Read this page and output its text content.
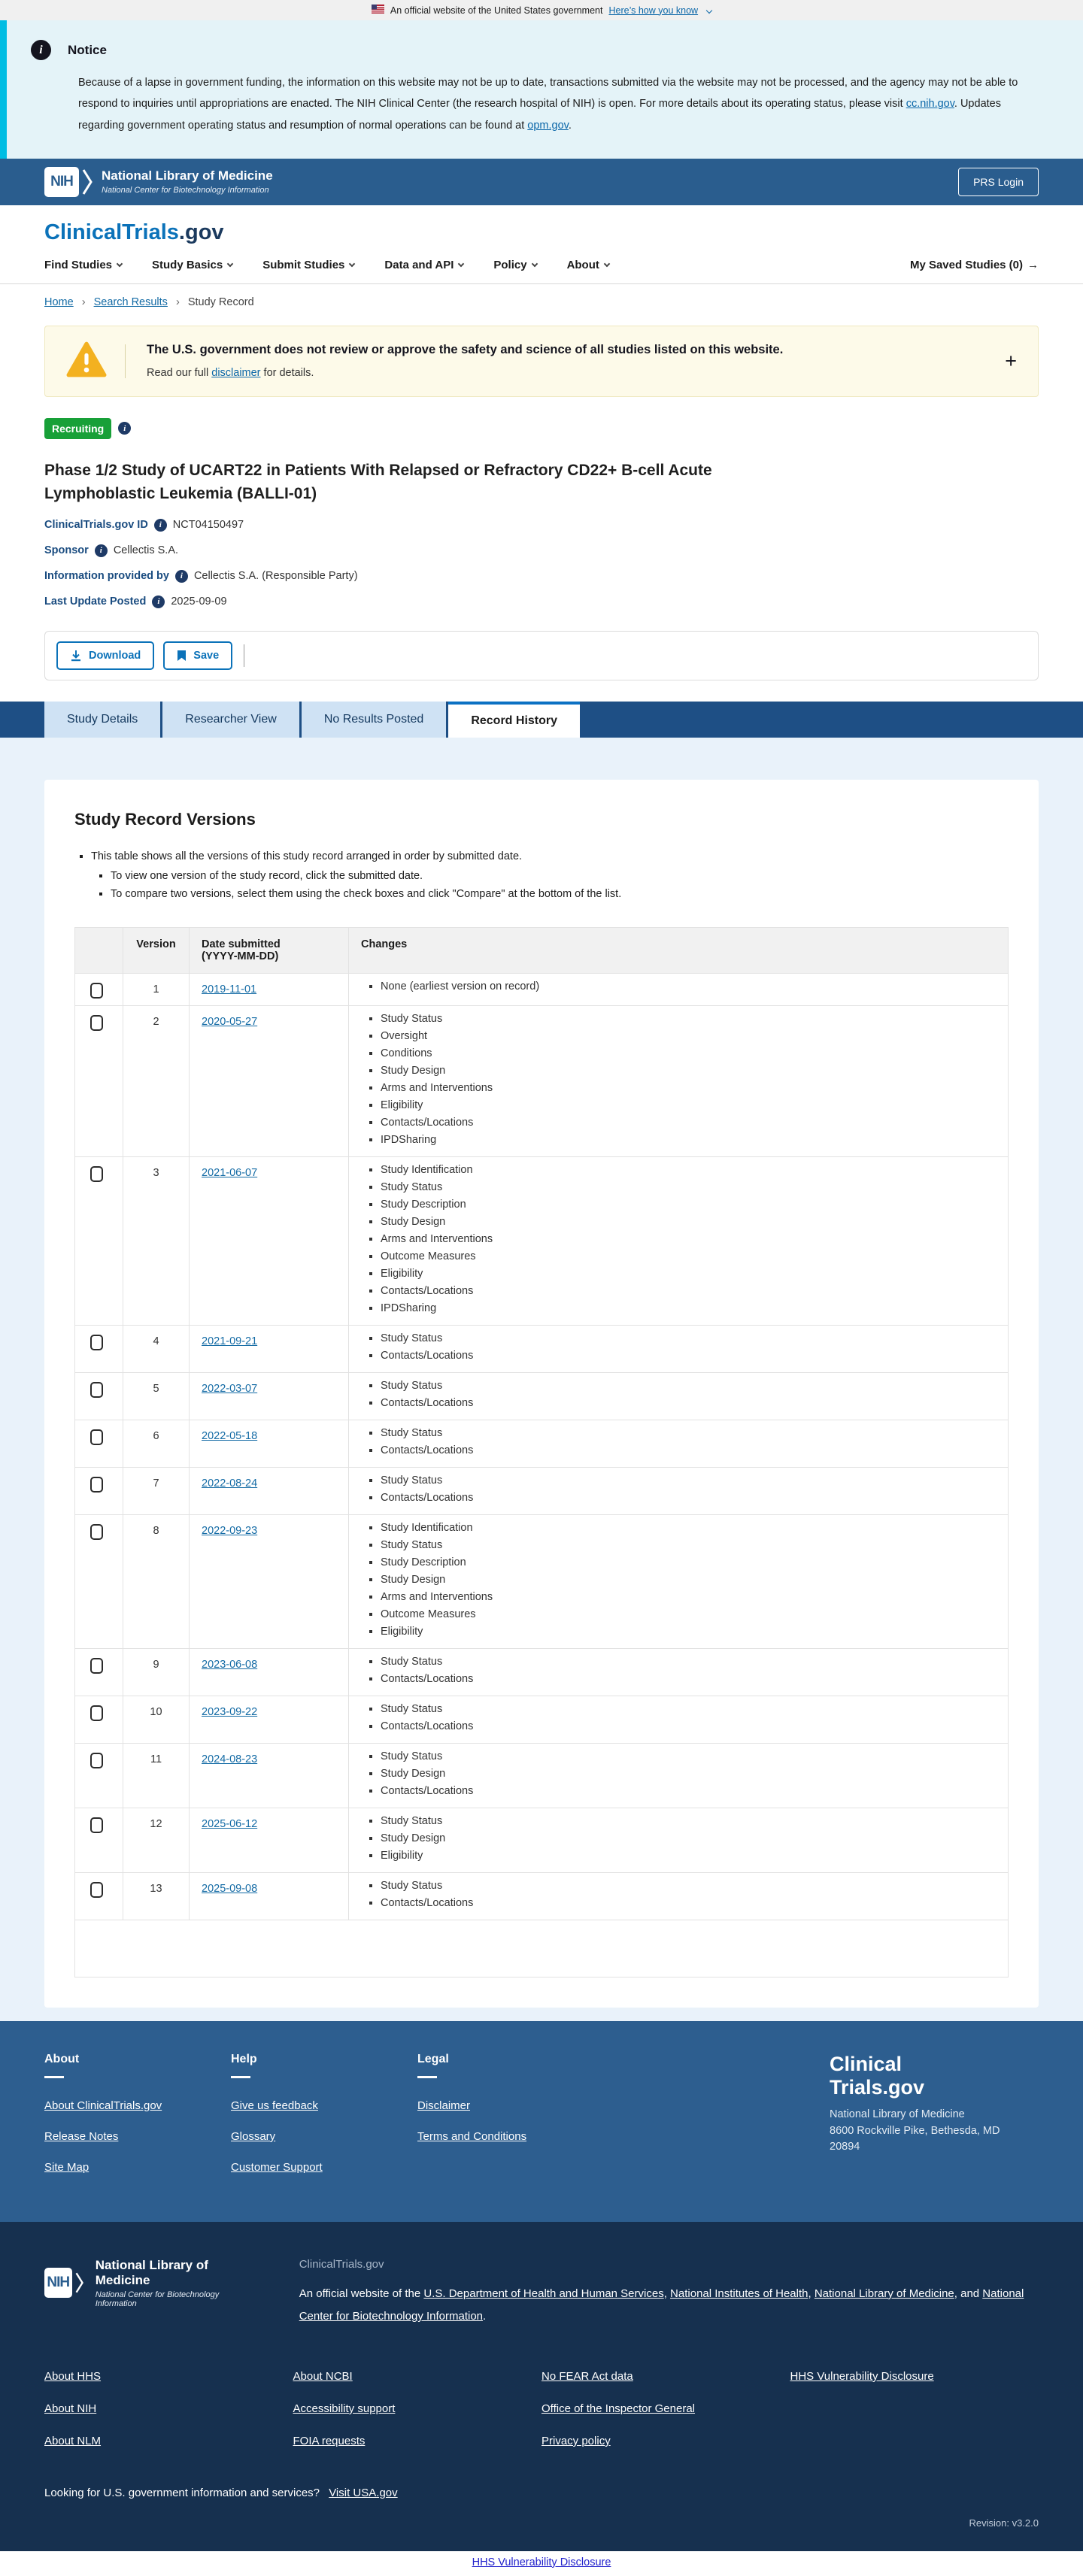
An official website of the United States government Here’s how you know
i	Notice
Because of a lapse in government funding, the information on this website may not be up to date, transactions submitted via the website may not be processed, and the agency may not be able to respond to inquiries until appropriations are enacted. The NIH Clinical Center (the research hospital of NIH) is open. For more details about its operating status, please visit cc.nih.gov. Updates regarding government operating status and resumption of normal operations can be found at opm.gov.
NIH	National Library of Medicine
National Center for Biotechnology Information
PRS Login
ClinicalTrials.gov
Find Studies	Study Basics	Submit Studies	Data and API	Policy	About	My Saved Studies (0) →
Home › Search Results › Study Record
The U.S. government does not review or approve the safety and science of all studies listed on this website.
Read our full disclaimer for details.
+
Recruiting	i
Phase 1/2 Study of UCART22 in Patients With Relapsed or Refractory CD22+ B-cell Acute Lymphoblastic Leukemia (BALLI-01)
ClinicalTrials.gov ID	i	NCT04150497
Sponsor	i	Cellectis S.A.
Information provided by	i	Cellectis S.A. (Responsible Party)
Last Update Posted	i	2025-09-09
Download	Save
Study Details	Researcher View	No Results Posted	Record History
Study Record Versions
▪ This table shows all the versions of this study record arranged in order by submitted date.
▪ To view one version of the study record, click the submitted date.
▪ To compare two versions, select them using the check boxes and click "Compare" at the bottom of the list.
	Version	Date submitted
(YYYY-MM-DD)	Changes
	1	2019-11-01	
▪None (earliest version on record)

	2	2020-05-27	
▪Study Status
▪ Oversight
▪ Conditions
▪ Study Design
▪ Arms and Interventions
▪ Eligibility
▪ Contacts/Locations
▪ IPDSharing

	3	2021-06-07	
▪Study Identification
▪ Study Status
▪ Study Description
▪ Study Design
▪ Arms and Interventions
▪ Outcome Measures
▪ Eligibility
▪ Contacts/Locations
▪ IPDSharing

	4	2021-09-21	
▪Study Status
▪ Contacts/Locations

	5	2022-03-07	
▪Study Status
▪ Contacts/Locations

	6	2022-05-18	
▪Study Status
▪ Contacts/Locations

	7	2022-08-24	
▪Study Status
▪ Contacts/Locations

	8	2022-09-23	
▪Study Identification
▪ Study Status
▪ Study Description
▪ Study Design
▪ Arms and Interventions
▪ Outcome Measures
▪ Eligibility

	9	2023-06-08	
▪Study Status
▪ Contacts/Locations

	10	2023-09-22	
▪Study Status
▪ Contacts/Locations

	11	2024-08-23	
▪Study Status
▪ Study Design
▪ Contacts/Locations

	12	2025-06-12	
▪Study Status
▪ Study Design
▪ Eligibility

	13	2025-09-08	
▪Study Status
▪ Contacts/Locations

About
About ClinicalTrials.gov
Release Notes
Site Map
Help
Give us feedback
Glossary
Customer Support
Legal
Disclaimer
Terms and Conditions
Clinical
Trials.gov
National Library of Medicine
8600 Rockville Pike, Bethesda, MD
20894
NIH
National Library of Medicine
National Center for Biotechnology Information
ClinicalTrials.gov
An official website of the U.S. Department of Health and Human Services, National Institutes of Health, National Library of Medicine, and National Center for Biotechnology Information.
About HHS
About NIH
About NLM
About NCBI
Accessibility support
FOIA requests
No FEAR Act data
Office of the Inspector General
Privacy policy
HHS Vulnerability Disclosure
Looking for U.S. government information and services? Visit USA.gov
Revision: v3.2.0
HHS Vulnerability Disclosure
